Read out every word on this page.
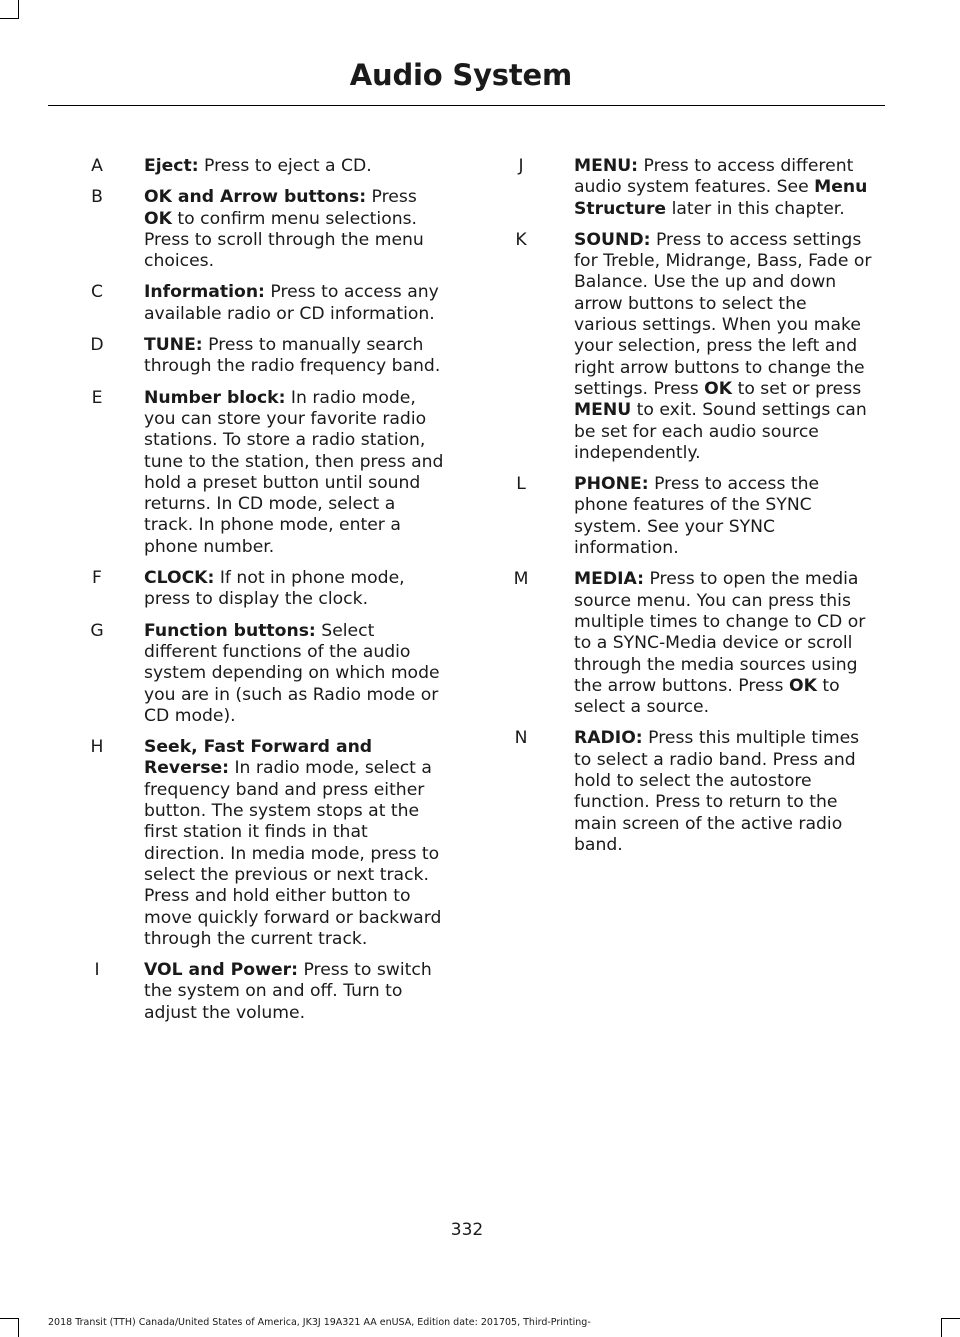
Audio System
A Eject: Press to eject a CD.
B OK and Arrow buttons: Press OK to confirm menu selections. Press to scroll through the menu choices.
C Information: Press to access any available radio or CD information.
D TUNE: Press to manually search through the radio frequency band.
E Number block: In radio mode, you can store your favorite radio stations. To store a radio station, tune to the station, then press and hold a preset button until sound returns. In CD mode, select a track. In phone mode, enter a phone number.
F CLOCK: If not in phone mode, press to display the clock.
G Function buttons: Select different functions of the audio system depending on which mode you are in (such as Radio mode or CD mode).
H Seek, Fast Forward and Reverse: In radio mode, select a frequency band and press either button. The system stops at the first station it finds in that direction. In media mode, press to select the previous or next track. Press and hold either button to move quickly forward or backward through the current track.
I	VOL and Power: Press to switch the system on and off. Turn to adjust the volume.
J	MENU: Press to access different audio system features. See Menu Structure later in this chapter.
K	SOUND: Press to access settings for Treble, Midrange, Bass, Fade or Balance. Use the up and down arrow buttons to select the various settings. When you make your selection, press the left and right arrow buttons to change the settings. Press OK to set or press MENU to exit. Sound settings can be set for each audio source independently.
L	PHONE: Press to access the phone features of the SYNC system. See your SYNC information.
M	MEDIA: Press to open the media source menu. You can press this multiple times to change to CD or to a SYNC-Media device or scroll through the media sources using the arrow buttons. Press OK to select a source.
N	RADIO: Press this multiple times to select a radio band. Press and hold to select the autostore function. Press to return to the main screen of the active radio band.
332
2018 Transit (TTH) Canada/United States of America, JK3J 19A321 AA enUSA, Edition date: 201705, Third-Printing-
